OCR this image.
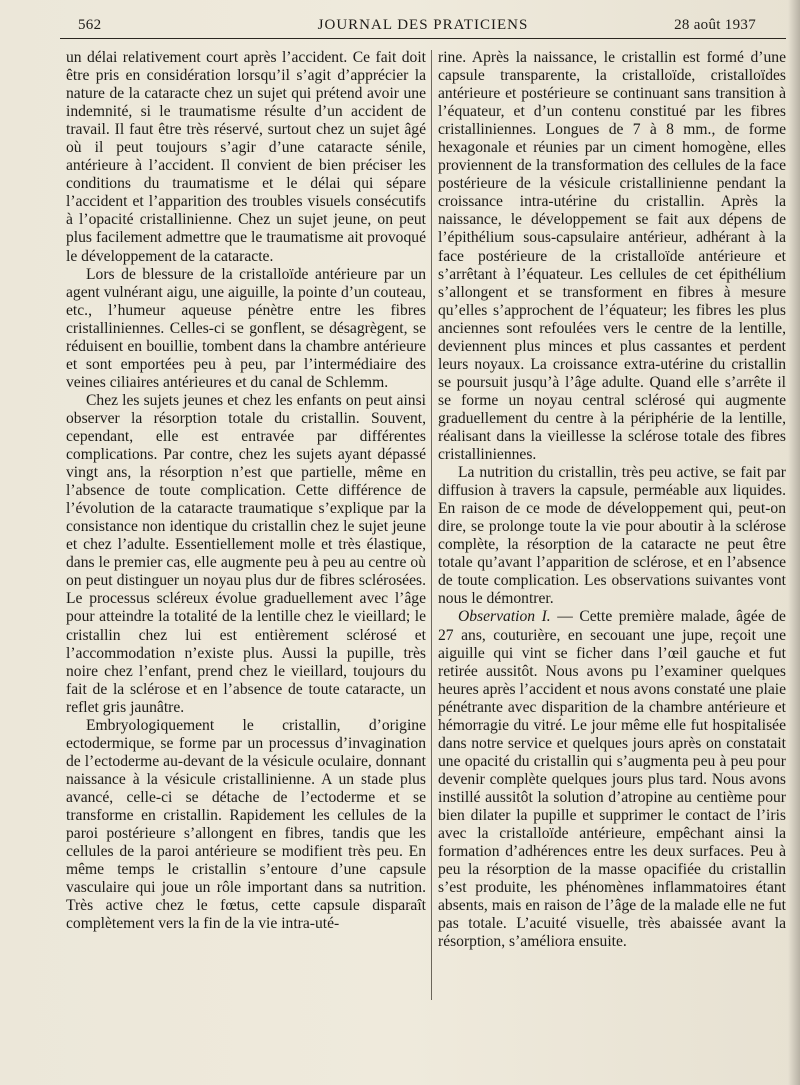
562	JOURNAL DES PRATICIENS	28 août 1937

un délai relativement court après l’accident. Ce fait doit être pris en considération lorsqu’il s’agit d’apprécier la nature de la cataracte chez un sujet qui prétend avoir une indemnité, si le traumatisme résulte d’un accident de travail. Il faut être très réservé, surtout chez un sujet âgé où il peut toujours s’agir d’une cataracte sénile, antérieure à l’accident. Il convient de bien préciser les conditions du traumatisme et le délai qui sépare l’accident et l’apparition des troubles visuels consécutifs à l’opacité cristallinienne. Chez un sujet jeune, on peut plus facilement admettre que le traumatisme ait provoqué le développement de la cataracte.

Lors de blessure de la cristalloïde antérieure par un agent vulnérant aigu, une aiguille, la pointe d’un couteau, etc., l’humeur aqueuse pénètre entre les fibres cristalliniennes. Celles-ci se gonflent, se désagrègent, se réduisent en bouillie, tombent dans la chambre antérieure et sont emportées peu à peu, par l’intermédiaire des veines ciliaires antérieures et du canal de Schlemm.

Chez les sujets jeunes et chez les enfants on peut ainsi observer la résorption totale du cristallin. Souvent, cependant, elle est entravée par différentes complications. Par contre, chez les sujets ayant dépassé vingt ans, la résorption n’est que partielle, même en l’absence de toute complication. Cette différence de l’évolution de la cataracte traumatique s’explique par la consistance non identique du cristallin chez le sujet jeune et chez l’adulte. Essentiellement molle et très élastique, dans le premier cas, elle augmente peu à peu au centre où on peut distinguer un noyau plus dur de fibres sclérosées. Le processus scléreux évolue graduellement avec l’âge pour atteindre la totalité de la lentille chez le vieillard; le cristallin chez lui est entièrement sclérosé et l’accommodation n’existe plus. Aussi la pupille, très noire chez l’enfant, prend chez le vieillard, toujours du fait de la sclérose et en l’absence de toute cataracte, un reflet gris jaunâtre.

Embryologiquement le cristallin, d’origine ectodermique, se forme par un processus d’invagination de l’ectoderme au-devant de la vésicule oculaire, donnant naissance à la vésicule cristallinienne. A un stade plus avancé, celle-ci se détache de l’ectoderme et se transforme en cristallin. Rapidement les cellules de la paroi postérieure s’allongent en fibres, tandis que les cellules de la paroi antérieure se modifient très peu. En même temps le cristallin s’entoure d’une capsule vasculaire qui joue un rôle important dans sa nutrition. Très active chez le fœtus, cette capsule disparaît complètement vers la fin de la vie intra-uté-

rine. Après la naissance, le cristallin est formé d’une capsule transparente, la cristalloïde, cristalloïdes antérieure et postérieure se continuant sans transition à l’équateur, et d’un contenu constitué par les fibres cristalliniennes. Longues de 7 à 8 mm., de forme hexagonale et réunies par un ciment homogène, elles proviennent de la transformation des cellules de la face postérieure de la vésicule cristallinienne pendant la croissance intra-utérine du cristallin. Après la naissance, le développement se fait aux dépens de l’épithélium sous-capsulaire antérieur, adhérant à la face postérieure de la cristalloïde antérieure et s’arrêtant à l’équateur. Les cellules de cet épithélium s’allongent et se transforment en fibres à mesure qu’elles s’approchent de l’équateur; les fibres les plus anciennes sont refoulées vers le centre de la lentille, deviennent plus minces et plus cassantes et perdent leurs noyaux. La croissance extra-utérine du cristallin se poursuit jusqu’à l’âge adulte. Quand elle s’arrête il se forme un noyau central sclérosé qui augmente graduellement du centre à la périphérie de la lentille, réalisant dans la vieillesse la sclérose totale des fibres cristalliniennes.

La nutrition du cristallin, très peu active, se fait par diffusion à travers la capsule, perméable aux liquides. En raison de ce mode de développement qui, peut-on dire, se prolonge toute la vie pour aboutir à la sclérose complète, la résorption de la cataracte ne peut être totale qu’avant l’apparition de sclérose, et en l’absence de toute complication. Les observations suivantes vont nous le démontrer.

Observation I. — Cette première malade, âgée de 27 ans, couturière, en secouant une jupe, reçoit une aiguille qui vint se ficher dans l’œil gauche et fut retirée aussitôt. Nous avons pu l’examiner quelques heures après l’accident et nous avons constaté une plaie pénétrante avec disparition de la chambre antérieure et hémorragie du vitré. Le jour même elle fut hospitalisée dans notre service et quelques jours après on constatait une opacité du cristallin qui s’augmenta peu à peu pour devenir complète quelques jours plus tard. Nous avons instillé aussitôt la solution d’atropine au centième pour bien dilater la pupille et supprimer le contact de l’iris avec la cristalloïde antérieure, empêchant ainsi la formation d’adhérences entre les deux surfaces. Peu à peu la résorption de la masse opacifiée du cristallin s’est produite, les phénomènes inflammatoires étant absents, mais en raison de l’âge de la malade elle ne fut pas totale. L’acuité visuelle, très abaissée avant la résorption, s’améliora ensuite.
